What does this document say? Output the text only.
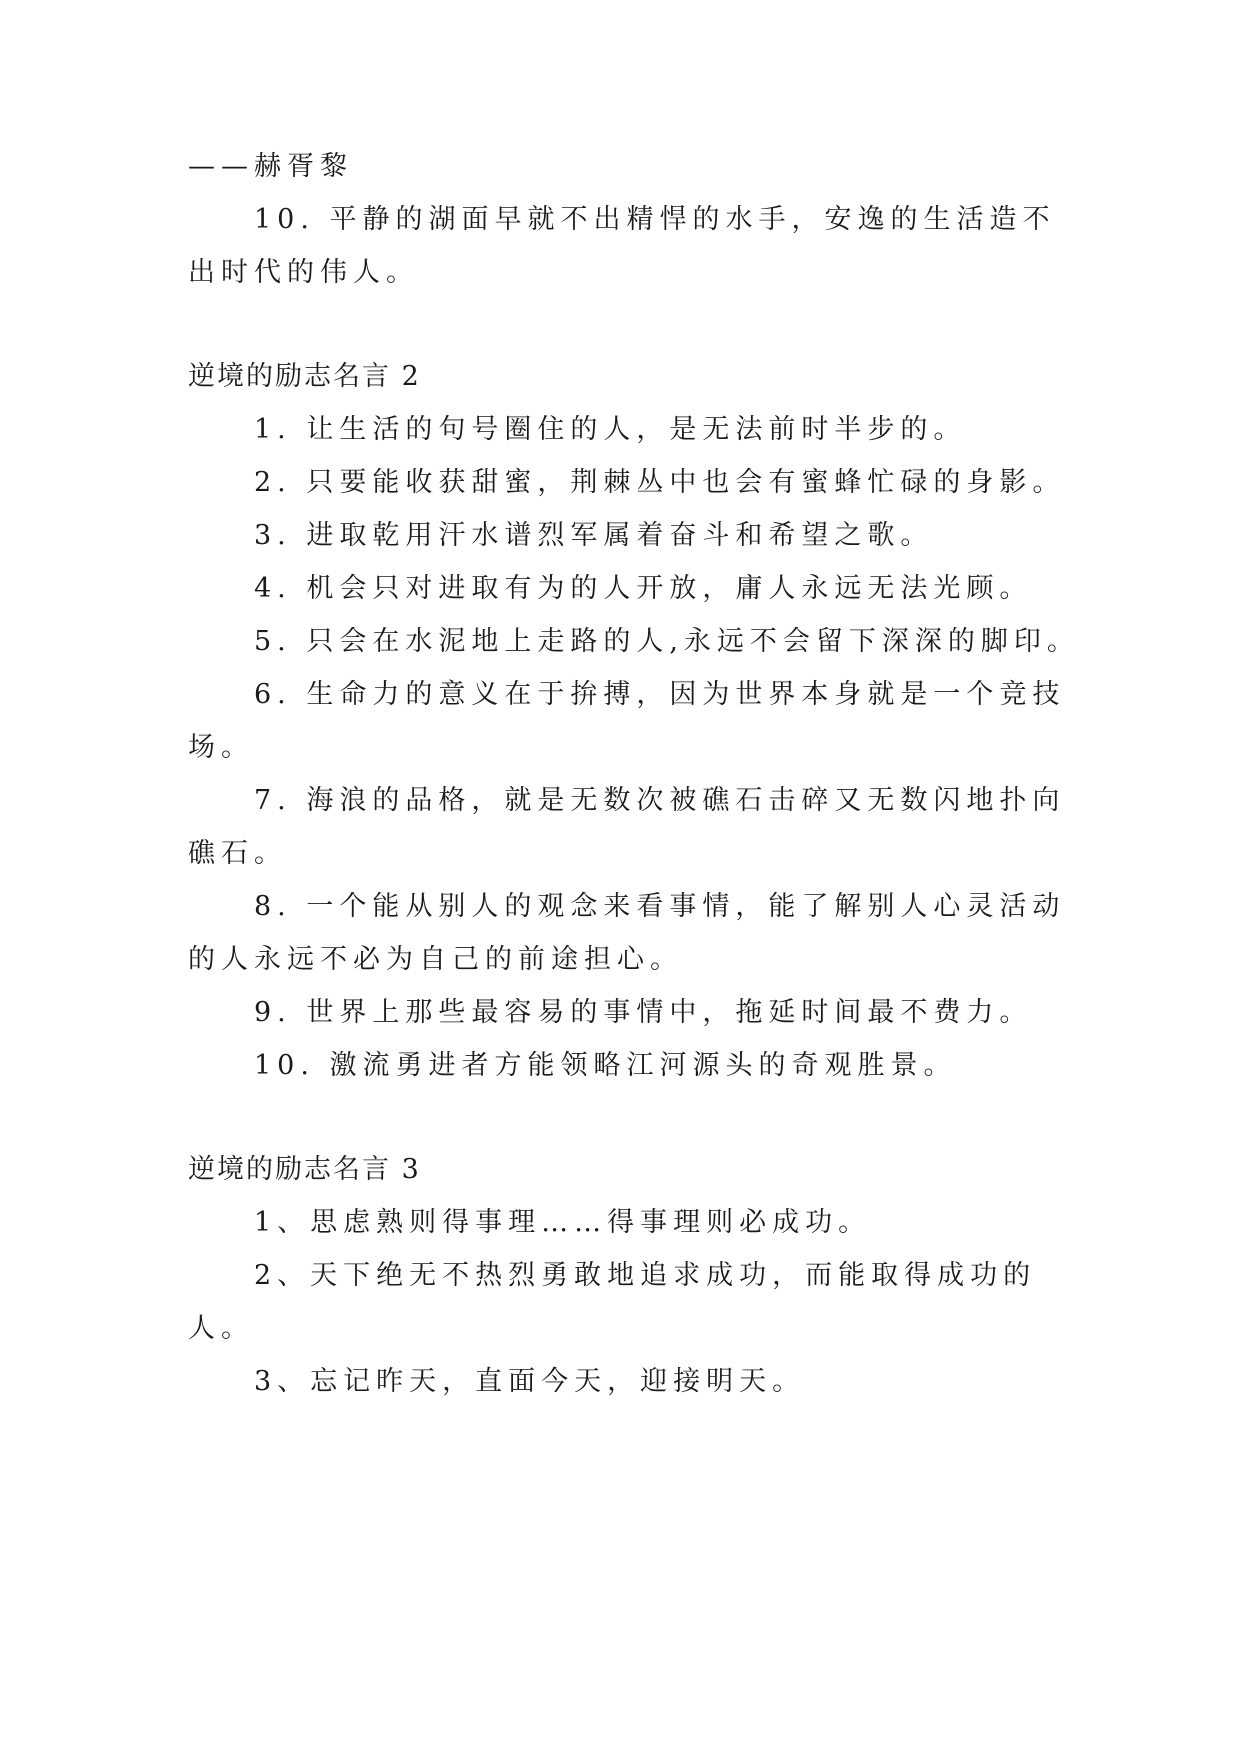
——赫胥黎
10. 平静的湖面早就不出精悍的水手，安逸的生活造不
出时代的伟人。
逆境的励志名言 2
1. 让生活的句号圈住的人，是无法前时半步的。
2. 只要能收获甜蜜，荆棘丛中也会有蜜蜂忙碌的身影。
3. 进取乾用汗水谱烈军属着奋斗和希望之歌。
4. 机会只对进取有为的人开放，庸人永远无法光顾。
5. 只会在水泥地上走路的人,永远不会留下深深的脚印。
6. 生命力的意义在于拚搏，因为世界本身就是一个竞技
场。
7. 海浪的品格，就是无数次被礁石击碎又无数闪地扑向
礁石。
8. 一个能从别人的观念来看事情，能了解别人心灵活动
的人永远不必为自己的前途担心。
9. 世界上那些最容易的事情中，拖延时间最不费力。
10. 激流勇进者方能领略江河源头的奇观胜景。
逆境的励志名言 3
1、思虑熟则得事理……得事理则必成功。
2、天下绝无不热烈勇敢地追求成功，而能取得成功的
人。
3、忘记昨天，直面今天，迎接明天。
